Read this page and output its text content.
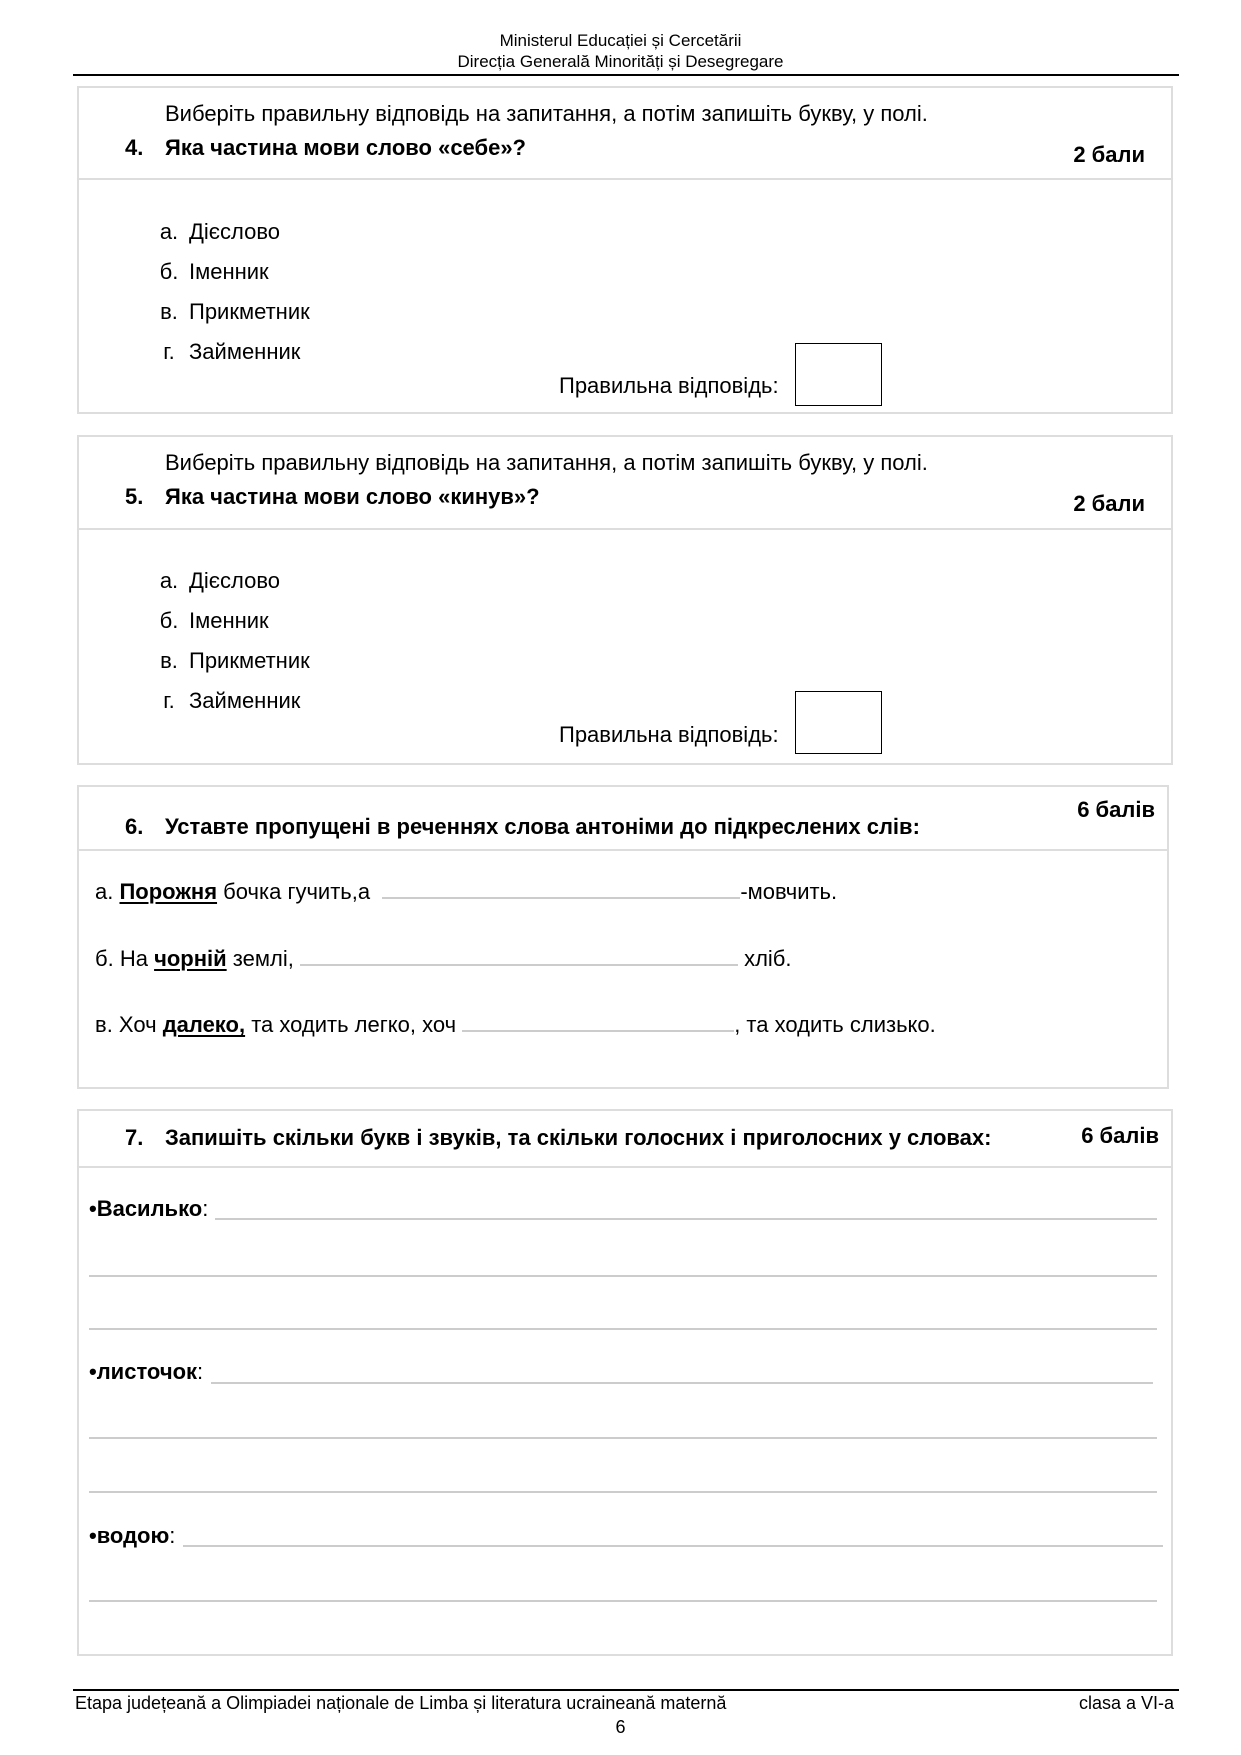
Ministerul Educației și Cercetării
Direcția Generală Minorități și Desegregare
Виберіть правильну відповідь на запитання, а потім запишіть букву, у полі.
4. Яка частина мови слово «себе»?	2 бали
а. Дієслово
б. Іменник
в. Прикметник
г. Займенник
Правильна відповідь:
Виберіть правильну відповідь на запитання, а потім запишіть букву, у полі.
5. Яка частина мови слово «кинув»?	2 бали
а. Дієслово
б. Іменник
в. Прикметник
г. Займенник
Правильна відповідь:
6. Уставте пропущені в реченнях слова антоніми до підкреслених слів:
6 балів
а. Порожня бочка гучить,а	-мовчить.
б. На чорній землі,	хліб.
в. Хоч далеко, та ходить легко, хоч	, та ходить слизько.
7. Запишіть скільки букв і звуків, та скільки голосних і приголосних у словах:	6 балів
•Василько:
•листочок:
•водою:
Etapa județeană a Olimpiadei naționale de Limba și literatura ucraineană maternă	clasa a VI-a
6
